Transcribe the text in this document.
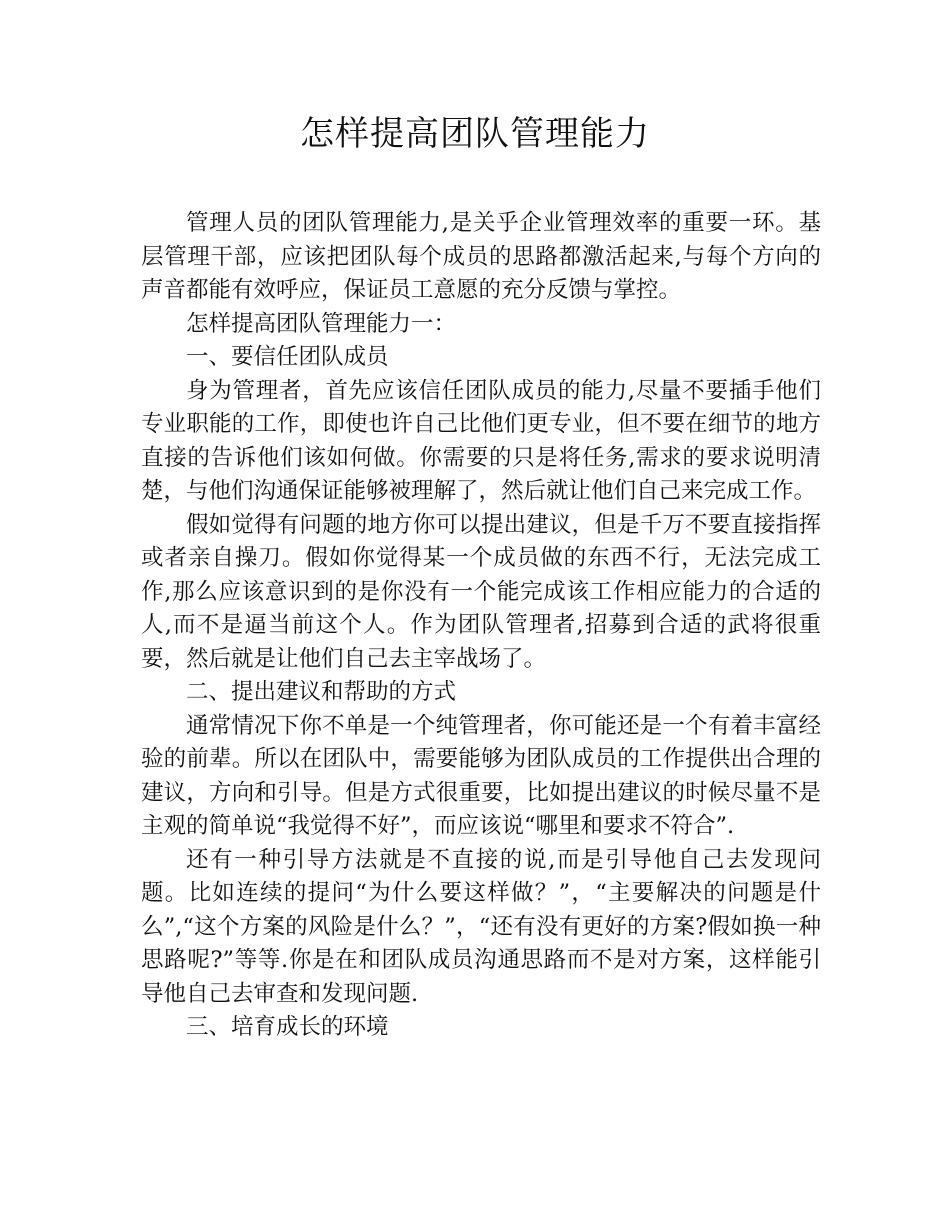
怎样提高团队管理能力

管理人员的团队管理能力,是关乎企业管理效率的重要一环。基层管理干部，应该把团队每个成员的思路都激活起来,与每个方向的声音都能有效呼应，保证员工意愿的充分反馈与掌控。

怎样提高团队管理能力一：

一、要信任团队成员

身为管理者，首先应该信任团队成员的能力,尽量不要插手他们专业职能的工作，即使也许自己比他们更专业，但不要在细节的地方直接的告诉他们该如何做。你需要的只是将任务,需求的要求说明清楚，与他们沟通保证能够被理解了，然后就让他们自己来完成工作。

假如觉得有问题的地方你可以提出建议，但是千万不要直接指挥或者亲自操刀。假如你觉得某一个成员做的东西不行，无法完成工作,那么应该意识到的是你没有一个能完成该工作相应能力的合适的人,而不是逼当前这个人。作为团队管理者,招募到合适的武将很重要，然后就是让他们自己去主宰战场了。

二、提出建议和帮助的方式

通常情况下你不单是一个纯管理者，你可能还是一个有着丰富经验的前辈。所以在团队中，需要能够为团队成员的工作提供出合理的建议，方向和引导。但是方式很重要，比如提出建议的时候尽量不是主观的简单说“我觉得不好”，而应该说“哪里和要求不符合”.

还有一种引导方法就是不直接的说,而是引导他自己去发现问题。比如连续的提问“为什么要这样做？”，“主要解决的问题是什么”,“这个方案的风险是什么？”，“还有没有更好的方案?假如换一种思路呢?”等等.你是在和团队成员沟通思路而不是对方案，这样能引导他自己去审查和发现问题.

三、培育成长的环境
